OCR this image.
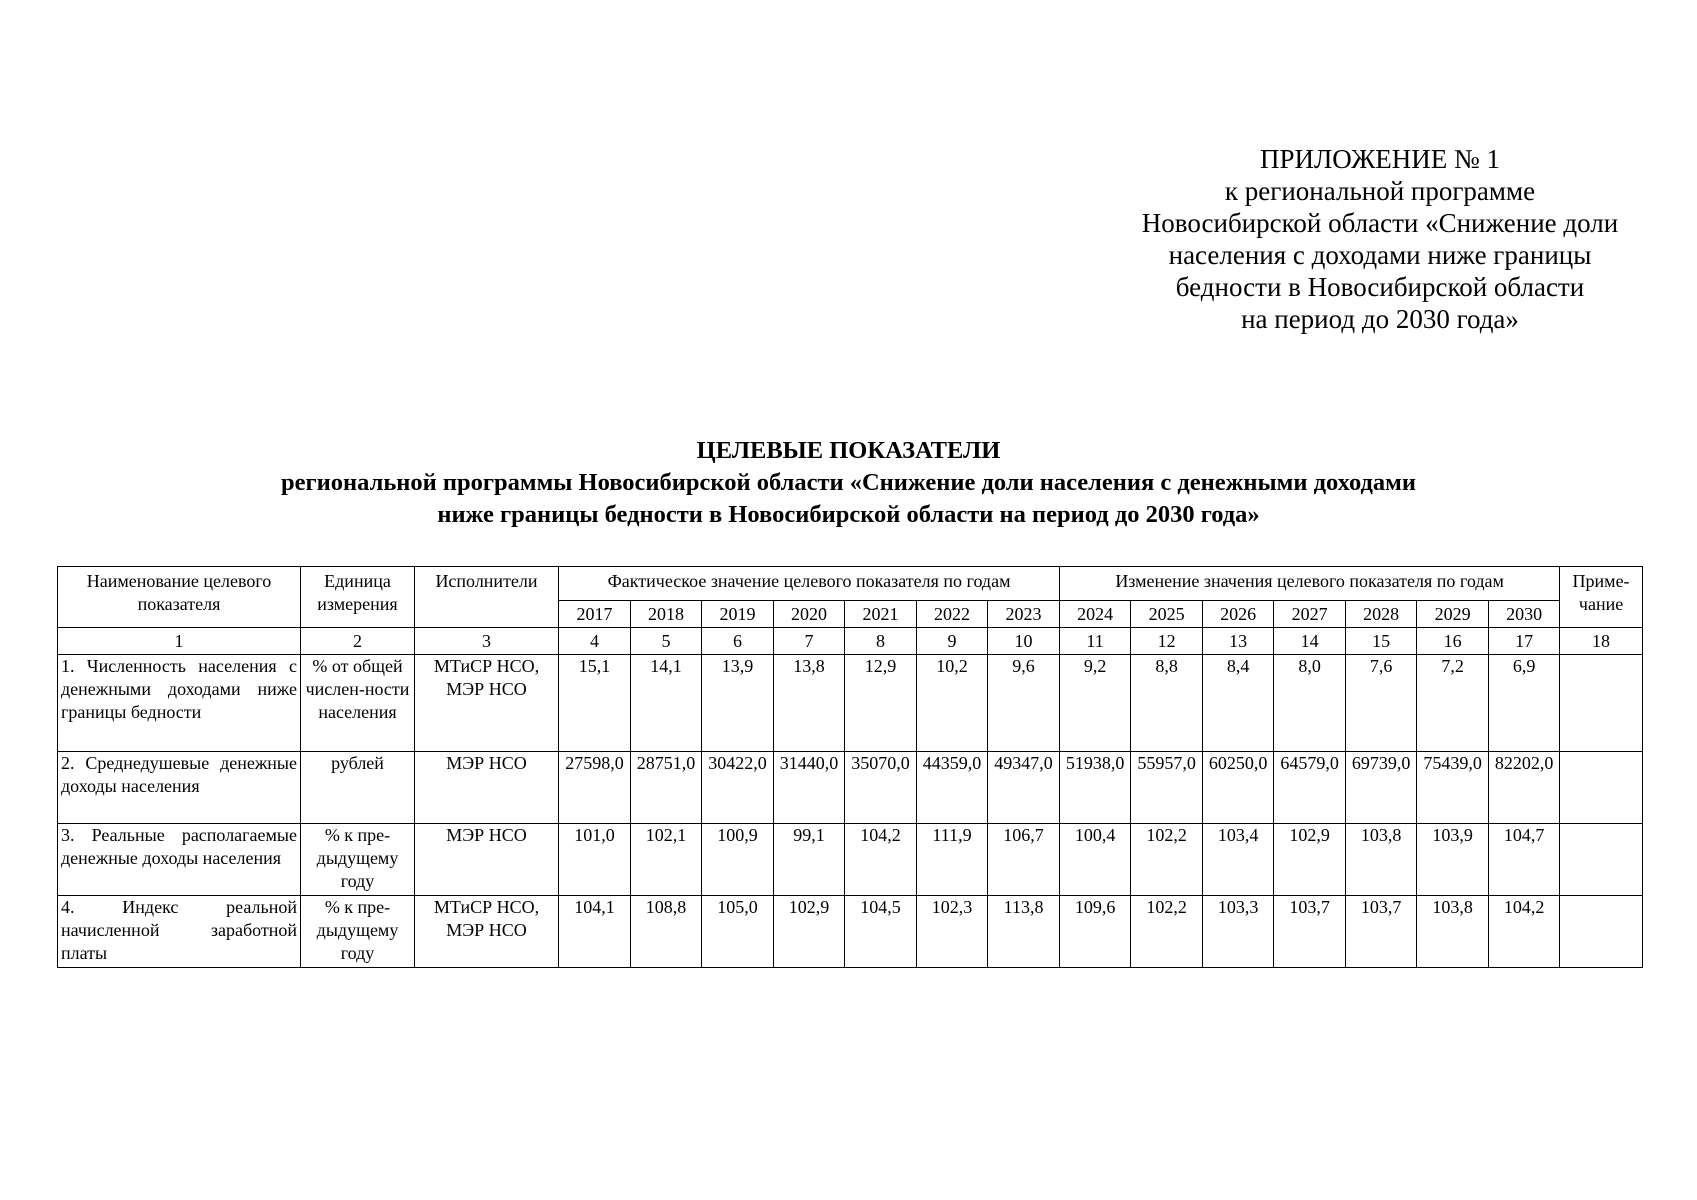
ПРИЛОЖЕНИЕ № 1
к региональной программе
Новосибирской области «Снижение доли
населения с доходами ниже границы
бедности в Новосибирской области
на период до 2030 года»
ЦЕЛЕВЫЕ ПОКАЗАТЕЛИ
региональной программы Новосибирской области «Снижение доли населения с денежными доходами
ниже границы бедности в Новосибирской области на период до 2030 года»
Наименование целевого показателя	Единица измерения	Исполнители	Фактическое значение целевого показателя по годам							Изменение значения целевого показателя по годам							Приме-чание
			2017	2018	2019	2020	2021	2022	2023	2024	2025	2026	2027	2028	2029	2030	
1	2	3	4	5	6	7	8	9	10	11	12	13	14	15	16	17	18
1. Численность населения с денежными доходами ниже границы бедности	% от общей числен-ности населения	МТиСР НСО, МЭР НСО	15,1	14,1	13,9	13,8	12,9	10,2	9,6	9,2	8,8	8,4	8,0	7,6	7,2	6,9	
2. Среднедушевые денежные доходы населения	рублей	МЭР НСО	27598,0	28751,0	30422,0	31440,0	35070,0	44359,0	49347,0	51938,0	55957,0	60250,0	64579,0	69739,0	75439,0	82202,0	
3. Реальные располагаемые денежные доходы населения	% к пре-дыдущему году	МЭР НСО	101,0	102,1	100,9	99,1	104,2	111,9	106,7	100,4	102,2	103,4	102,9	103,8	103,9	104,7	
4. Индекс реальной начисленной заработной платы	% к пре-дыдущему году	МТиСР НСО, МЭР НСО	104,1	108,8	105,0	102,9	104,5	102,3	113,8	109,6	102,2	103,3	103,7	103,7	103,8	104,2	
